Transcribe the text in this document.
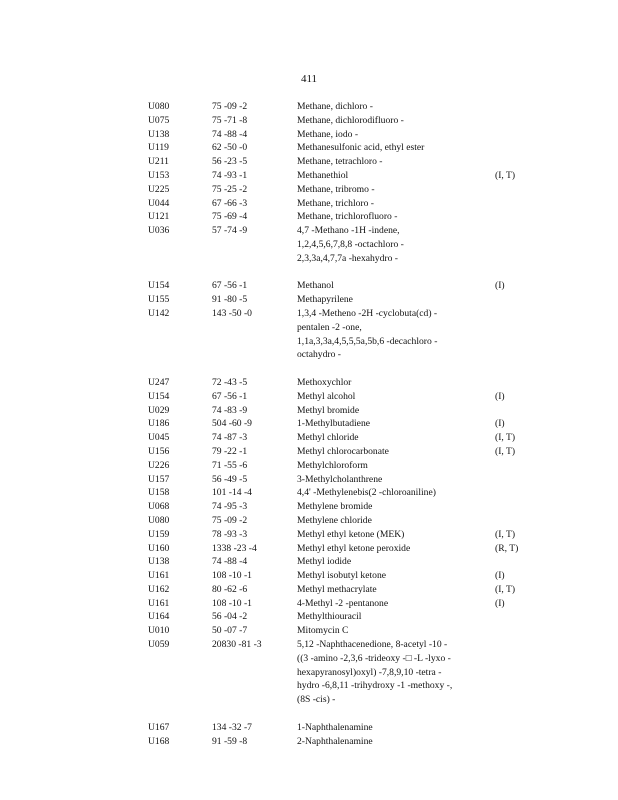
411
U080	75 -09 -2	Methane, dichloro -
U075	75 -71 -8	Methane, dichlorodifluoro -
U138	74 -88 -4	Methane, iodo -
U119	62 -50 -0	Methanesulfonic acid, ethyl ester
U211	56 -23 -5	Methane, tetrachloro -
U153	74 -93 -1	Methanethiol	(I, T)
U225	75 -25 -2	Methane, tribromo -
U044	67 -66 -3	Methane, trichloro -
U121	75 -69 -4	Methane, trichlorofluoro -
U036	57 -74 -9	4,7 -Methano -1H -indene,
1,2,4,5,6,7,8,8 -octachloro -
2,3,3a,4,7,7a -hexahydro -
U154	67 -56 -1	Methanol	(I)
U155	91 -80 -5	Methapyrilene
U142	143 -50 -0	1,3,4 -Metheno -2H -cyclobuta(cd) -
pentalen -2 -one,
1,1a,3,3a,4,5,5,5a,5b,6 -decachloro -
octahydro -
U247	72 -43 -5	Methoxychlor
U154	67 -56 -1	Methyl alcohol	(I)
U029	74 -83 -9	Methyl bromide
U186	504 -60 -9	1-Methylbutadiene	(I)
U045	74 -87 -3	Methyl chloride	(I, T)
U156	79 -22 -1	Methyl chlorocarbonate	(I, T)
U226	71 -55 -6	Methylchloroform
U157	56 -49 -5	3-Methylcholanthrene
U158	101 -14 -4	4,4' -Methylenebis(2 -chloroaniline)
U068	74 -95 -3	Methylene bromide
U080	75 -09 -2	Methylene chloride
U159	78 -93 -3	Methyl ethyl ketone (MEK)	(I, T)
U160	1338 -23 -4	Methyl ethyl ketone peroxide	(R, T)
U138	74 -88 -4	Methyl iodide
U161	108 -10 -1	Methyl isobutyl ketone	(I)
U162	80 -62 -6	Methyl methacrylate	(I, T)
U161	108 -10 -1	4-Methyl -2 -pentanone	(I)
U164	56 -04 -2	Methylthiouracil
U010	50 -07 -7	Mitomycin C
U059	20830 -81 -3	5,12 -Naphthacenedione, 8-acetyl -10 -
((3 -amino -2,3,6 -trideoxy -□ -L -lyxo -
hexapyranosyl)oxyl) -7,8,9,10 -tetra -
hydro -6,8,11 -trihydroxy -1 -methoxy -,
(8S -cis) -
U167	134 -32 -7	1-Naphthalenamine
U168	91 -59 -8	2-Naphthalenamine
